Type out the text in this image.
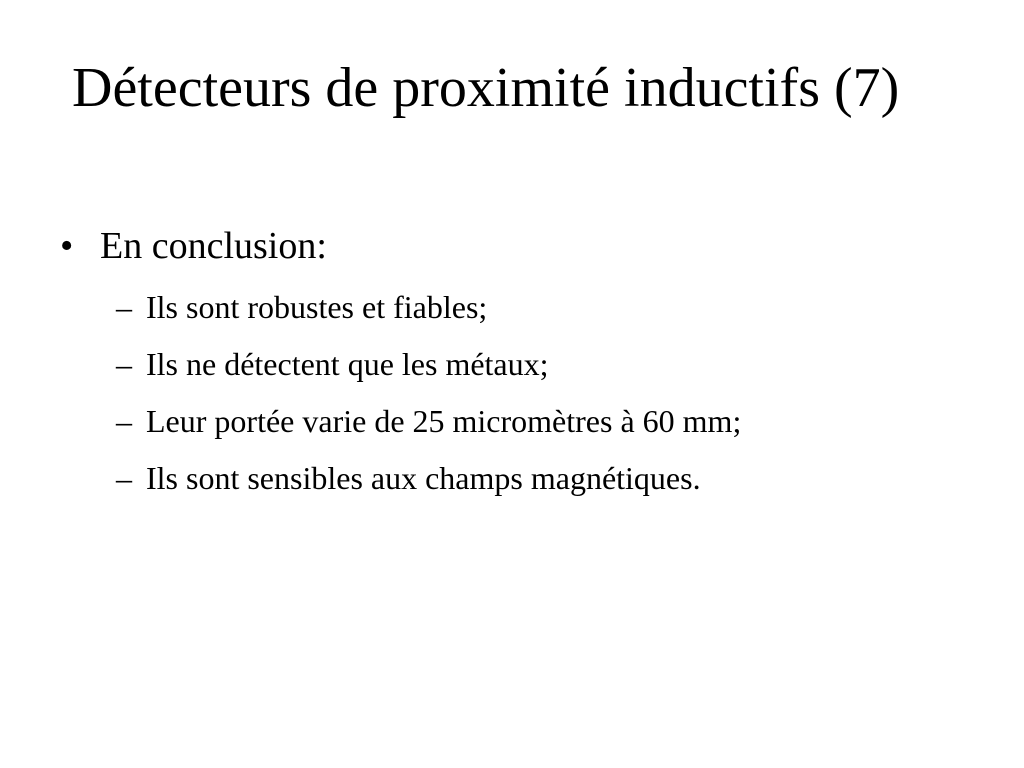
Détecteurs de proximité inductifs (7)
• En conclusion:
– Ils sont robustes et fiables;
– Ils ne détectent que les métaux;
– Leur portée varie de 25 micromètres à 60 mm;
– Ils sont sensibles aux champs magnétiques.
